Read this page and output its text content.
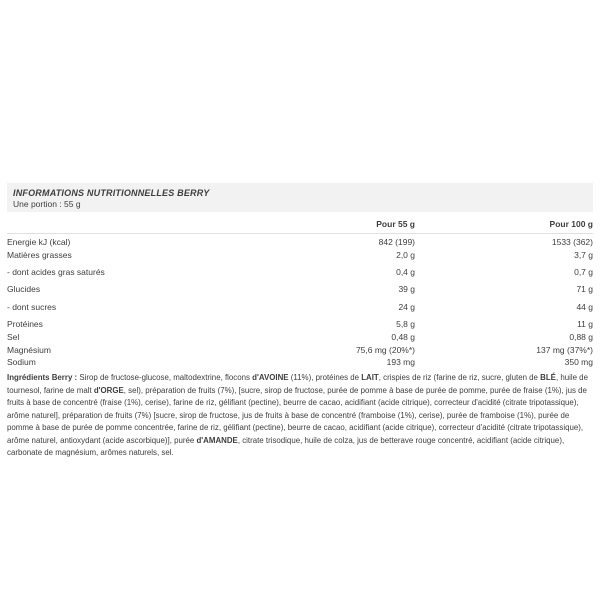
INFORMATIONS NUTRITIONNELLES BERRY
Une portion : 55 g
Pour 55 g	Pour 100 g
Energie kJ (kcal)	842 (199)	1533 (362)
Matières grasses	2,0 g	3,7 g
- dont acides gras saturés	0,4 g	0,7 g
Glucides	39 g	71 g
- dont sucres	24 g	44 g
Protéines	5,8 g	11 g
Sel	0,48 g	0,88 g
Magnésium	75,6 mg (20%*)	137 mg (37%*)
Sodium	193 mg	350 mg
Ingrédients Berry : Sirop de fructose-glucose, maltodextrine, flocons d'AVOINE (11%), protéines de LAIT, crispies de riz (farine de riz, sucre, gluten de BLÉ, huile de tournesol, farine de malt d'ORGE, sel), préparation de fruits (7%), [sucre, sirop de fructose, purée de pomme à base de purée de pomme, purée de fraise (1%), jus de fruits à base de concentré (fraise (1%), cerise), farine de riz, gélifiant (pectine), beurre de cacao, acidifiant (acide citrique), correcteur d'acidité (citrate tripotassique), arôme naturel], préparation de fruits (7%) [sucre, sirop de fructose, jus de fruits à base de concentré (framboise (1%), cerise), purée de framboise (1%), purée de pomme à base de purée de pomme concentrée, farine de riz, gélifiant (pectine), beurre de cacao, acidifiant (acide citrique), correcteur d'acidité (citrate tripotassique), arôme naturel, antioxydant (acide ascorbique)], purée d'AMANDE, citrate trisodique, huile de colza, jus de betterave rouge concentré, acidifiant (acide citrique), carbonate de magnésium, arômes naturels, sel.
